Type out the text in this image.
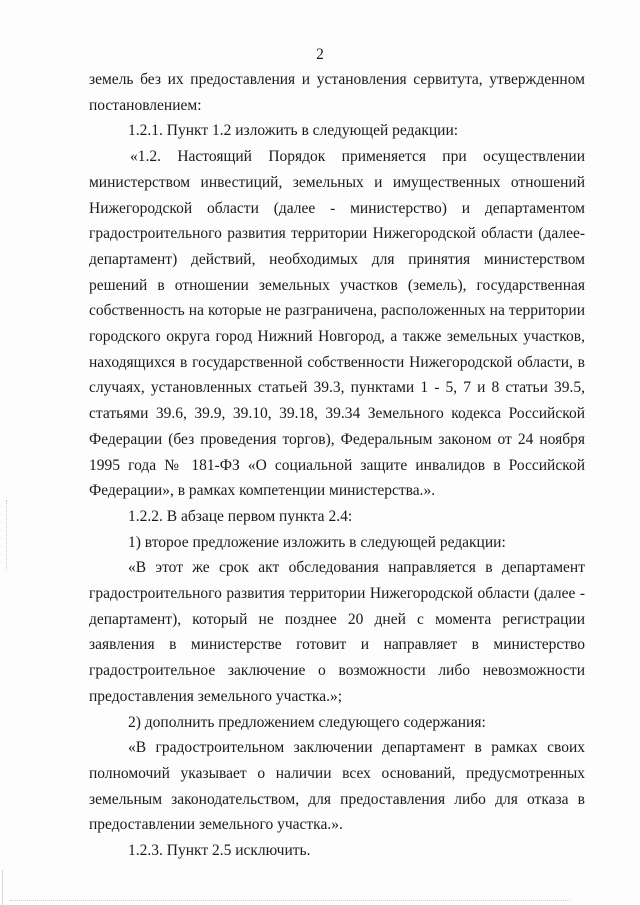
2

земель без их предоставления и установления сервитута, утвержденном постановлением:

1.2.1. Пункт 1.2 изложить в следующей редакции:

«1.2. Настоящий Порядок применяется при осуществлении министерством инвестиций, земельных и имущественных отношений Нижегородской области (далее - министерство) и департаментом градостроительного развития территории Нижегородской области (далее-департамент) действий, необходимых для принятия министерством решений в отношении земельных участков (земель), государственная собственность на которые не разграничена, расположенных на территории городского округа город Нижний Новгород, а также земельных участков, находящихся в государственной собственности Нижегородской области, в случаях, установленных статьей 39.3, пунктами 1 - 5, 7 и 8 статьи 39.5, статьями 39.6, 39.9, 39.10, 39.18, 39.34 Земельного кодекса Российской Федерации (без проведения торгов), Федеральным законом от 24 ноября 1995 года № 181-ФЗ «О социальной защите инвалидов в Российской Федерации», в рамках компетенции министерства.».

1.2.2. В абзаце первом пункта 2.4:

1) второе предложение изложить в следующей редакции:

«В этот же срок акт обследования направляется в департамент градостроительного развития территории Нижегородской области (далее - департамент), который не позднее 20 дней с момента регистрации заявления в министерстве готовит и направляет в министерство градостроительное заключение о возможности либо невозможности предоставления земельного участка.»;

2) дополнить предложением следующего содержания:

«В градостроительном заключении департамент в рамках своих полномочий указывает о наличии всех оснований, предусмотренных земельным законодательством, для предоставления либо для отказа в предоставлении земельного участка.».

1.2.3. Пункт 2.5 исключить.
